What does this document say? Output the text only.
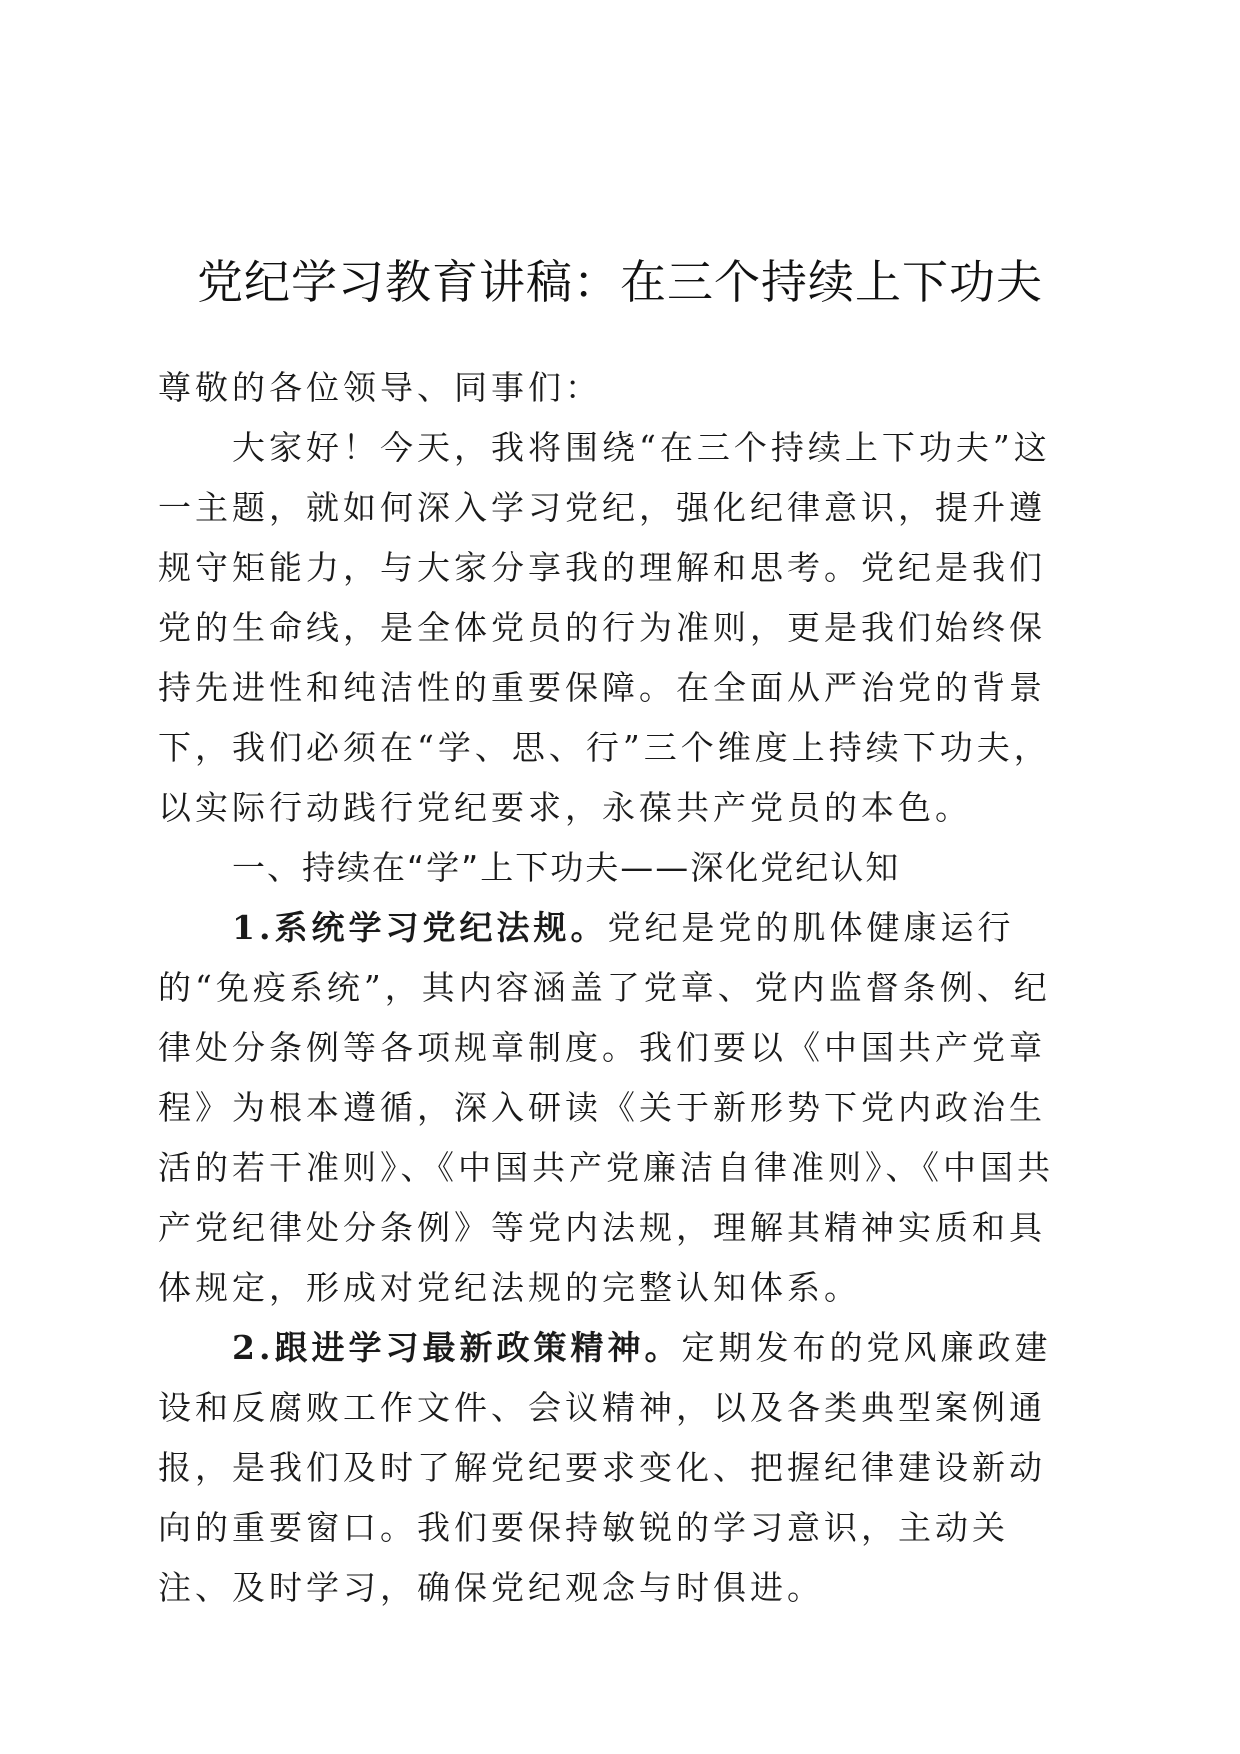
党纪学习教育讲稿：在三个持续上下功夫

尊敬的各位领导、同事们：

大家好！今天，我将围绕“在三个持续上下功夫”这一主题，就如何深入学习党纪，强化纪律意识，提升遵规守矩能力，与大家分享我的理解和思考。党纪是我们党的生命线，是全体党员的行为准则，更是我们始终保持先进性和纯洁性的重要保障。在全面从严治党的背景下，我们必须在“学、思、行”三个维度上持续下功夫，以实际行动践行党纪要求，永葆共产党员的本色。

一、持续在“学”上下功夫——深化党纪认知

1.系统学习党纪法规。党纪是党的肌体健康运行的“免疫系统”，其内容涵盖了党章、党内监督条例、纪律处分条例等各项规章制度。我们要以《中国共产党章程》为根本遵循，深入研读《关于新形势下党内政治生活的若干准则》、《中国共产党廉洁自律准则》、《中国共产党纪律处分条例》等党内法规，理解其精神实质和具体规定，形成对党纪法规的完整认知体系。

2.跟进学习最新政策精神。定期发布的党风廉政建设和反腐败工作文件、会议精神，以及各类典型案例通报，是我们及时了解党纪要求变化、把握纪律建设新动向的重要窗口。我们要保持敏锐的学习意识，主动关注、及时学习，确保党纪观念与时俱进。
